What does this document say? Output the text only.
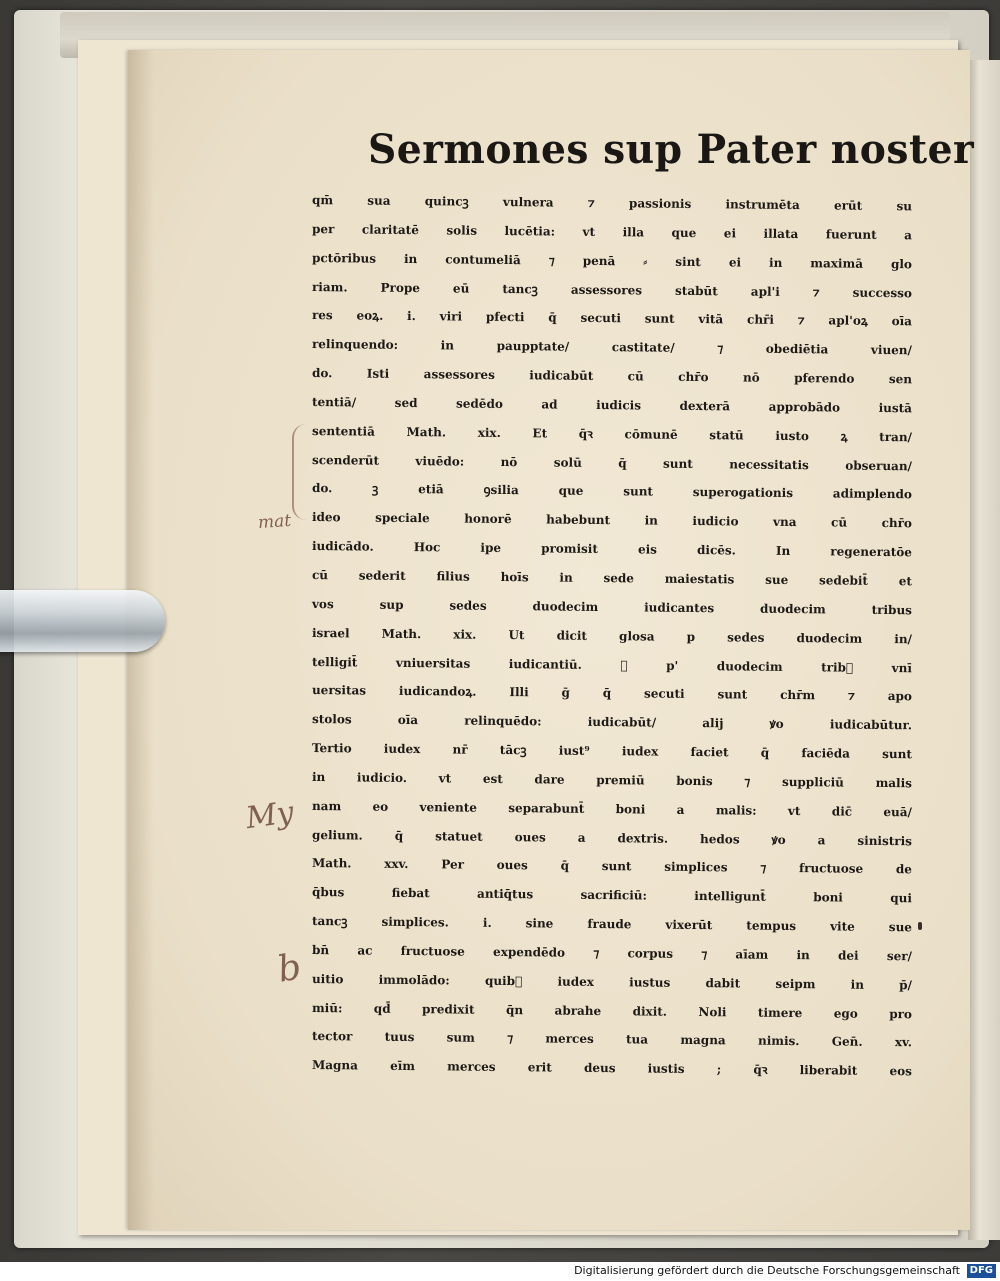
Sermones sup Pater noster
qm̄ sua quincꝫ vulnera ⁊ passionis instrumēta erūt su
per claritatē solis lucētia: vt illa que ei illata fuerunt a
pctōribus in contumeliā ⁊ penā ⸗ sint ei in maximā glo
riam. Prope eū tancꝫ assessores stabūt apl'i ⁊ successo
res eoꝝ. i. viri pfecti q̄ secuti sunt vitā chr̄i ⁊ apl'oꝝ oīa
relinquendo: in paupptate/ castitate/ ⁊ obediētia viuen/
do. Isti assessores iudicabūt cū chr̄o nō pferendo sen
tentiā/ sed sedēdo ad iudicis dexterā approbādo iustā
sententiā Math. xix. Et q̄ꝛ cōmunē statū iusto ꝝ tran/
scenderūt viuēdo: nō solū q̄ sunt necessitatis obseruan/
do. ꝫ etiā ꝯsilia que sunt superogationis adimplendo
ideo speciale honorē habebunt in iudicio vna cū chr̄o
iudicādo. Hoc ipe promisit eis dicēs. In regeneratōe
cū sederit filius hoīs in sede maiestatis sue sedebit̄ et
vos sup sedes duodecim iudicantes duodecim tribus
israel Math. xix. Ut dicit glosa p sedes duodecim in/
telligit̄ vniuersitas iudicantiū. ⁊ p' duodecim trib᷑ vnī
uersitas iudicandoꝝ. Illi ḡ q̄ secuti sunt chr̄m ⁊ apo
stolos oīa relinquēdo: iudicabūt/ alij ꝟo iudicabūtur.
Tertio iudex nr̄ tācꝫ iust⁹ iudex faciet q̄ faciēda sunt
in iudicio. vt est dare premiū bonis ⁊ suppliciū malis
nam eo veniente separabunt̄ boni a malis: vt dic̄ euā/
gelium. q̄ statuet oues a dextris. hedos ꝟo a sinistris
Math. xxv. Per oues q̄ sunt simplices ⁊ fructuose de
q̄bus fiebat antiq̄tus sacrificiū: intelligunt̄ boni qui
tancꝫ simplices. i. sine fraude vixerūt tempus vite sue
bn̄ ac fructuose expendēdo ⁊ corpus ⁊ aīam in dei ser/
uitio immolādo: quib᷑ iudex iustus dabit seipm in p̄/
miū: qd̄ predixit q̄n abrahe dixit. Noli timere ego pro
tector tuus sum ⁊ merces tua magna nimis. Gen̄. xv.
Magna eīm merces erit deus iustis ; q̄ꝛ liberabit eos
mat
My
b
Digitalisierung gefördert durch die Deutsche Forschungsgemeinschaft DFG
